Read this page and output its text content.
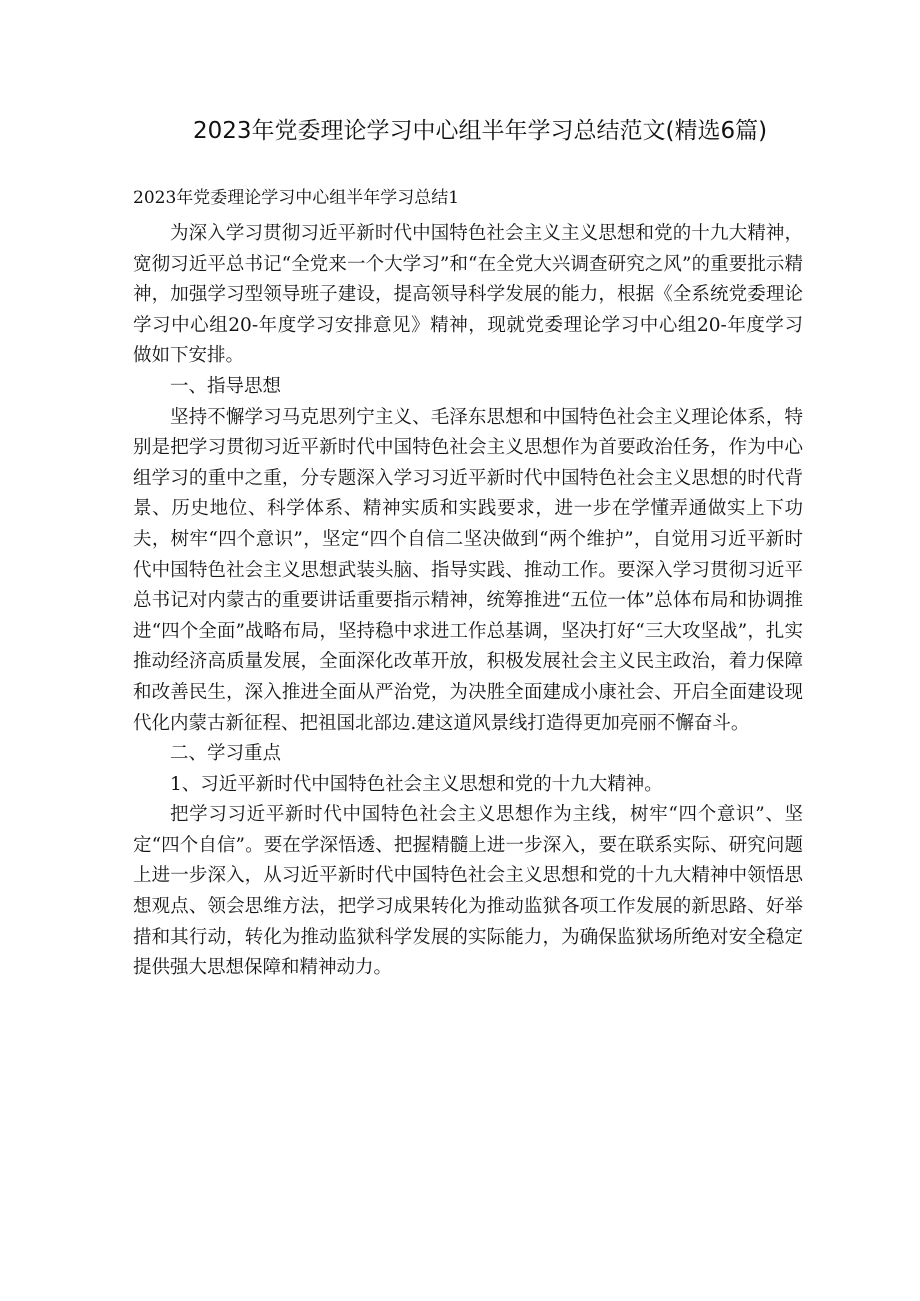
2023年党委理论学习中心组半年学习总结范文(精选6篇)
2023年党委理论学习中心组半年学习总结1

为深入学习贯彻习近平新时代中国特色社会主义主义思想和党的十九大精神，宽彻习近平总书记“全党来一个大学习”和“在全党大兴调查研究之风”的重要批示精神，加强学习型领导班子建设，提高领导科学发展的能力，根据《全系统党委理论学习中心组20-年度学习安排意见》精神，现就党委理论学习中心组20-年度学习做如下安排。

一、指导思想

坚持不懈学习马克思列宁主义、毛泽东思想和中国特色社会主义理论体系，特别是把学习贯彻习近平新时代中国特色社会主义思想作为首要政治任务，作为中心组学习的重中之重，分专题深入学习习近平新时代中国特色社会主义思想的时代背景、历史地位、科学体系、精神实质和实践要求，进一步在学懂弄通做实上下功夫，树牢“四个意识”，坚定“四个自信二坚决做到“两个维护”，自觉用习近平新时代中国特色社会主义思想武装头脑、指导实践、推动工作。要深入学习贯彻习近平总书记对内蒙古的重要讲话重要指示精神，统筹推进“五位一体”总体布局和协调推进“四个全面”战略布局，坚持稳中求进工作总基调，坚决打好“三大攻坚战”，扎实推动经济高质量发展，全面深化改革开放，积极发展社会主义民主政治，着力保障和改善民生，深入推进全面从严治党，为决胜全面建成小康社会、开启全面建设现代化内蒙古新征程、把祖国北部边.建这道风景线打造得更加亮丽不懈奋斗。

二、学习重点

1、习近平新时代中国特色社会主义思想和党的十九大精神。

把学习习近平新时代中国特色社会主义思想作为主线，树牢“四个意识”、坚定“四个自信”。要在学深悟透、把握精髓上进一步深入，要在联系实际、研究问题上进一步深入，从习近平新时代中国特色社会主义思想和党的十九大精神中领悟思想观点、领会思维方法，把学习成果转化为推动监狱各项工作发展的新思路、好举措和其行动，转化为推动监狱科学发展的实际能力，为确保监狱场所绝对安全稳定提供强大思想保障和精神动力。
